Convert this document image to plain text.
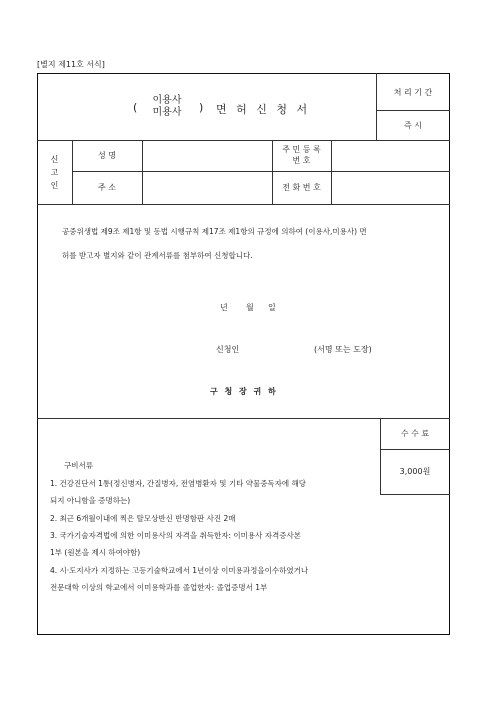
[별지 제11호 서식]
(
이용사
미용사	) 면 허 신 청 서
처 리 기 간
즉 시
신
고
인
성 명
주 소
주 민 등 록
번 호
전 화 번 호
공중위생법 제9조 제1항 및 동법 시행규칙 제17조 제1항의 규정에 의하여 (이용사,미용사) 면
허를 받고자 별지와 같이 관계서류를 첨부하여 신청합니다.
년 월 일
신청인	(서명 또는 도장)
구 청 장 귀 하
수 수 료
3,000원
구비서류
1. 건강진단서 1통(정신병자, 간질병자, 전염병환자 및 기타 약물중독자에 해당
되지 아니함을 증명하는)
2. 최근 6개월이내에 찍은 탈모상반신 반명함판 사진 2매
3. 국가기술자격법에 의한 이미용사의 자격을 취득한자: 이미용사 자격증사본
1부 (원본을 제시 하여야함)
4. 시·도지사가 지정하는 고등기술학교에서 1년이상 이미용과정을이수하였거나
전문대학 이상의 학교에서 이미용학과를 졸업한자: 졸업증명서 1부
